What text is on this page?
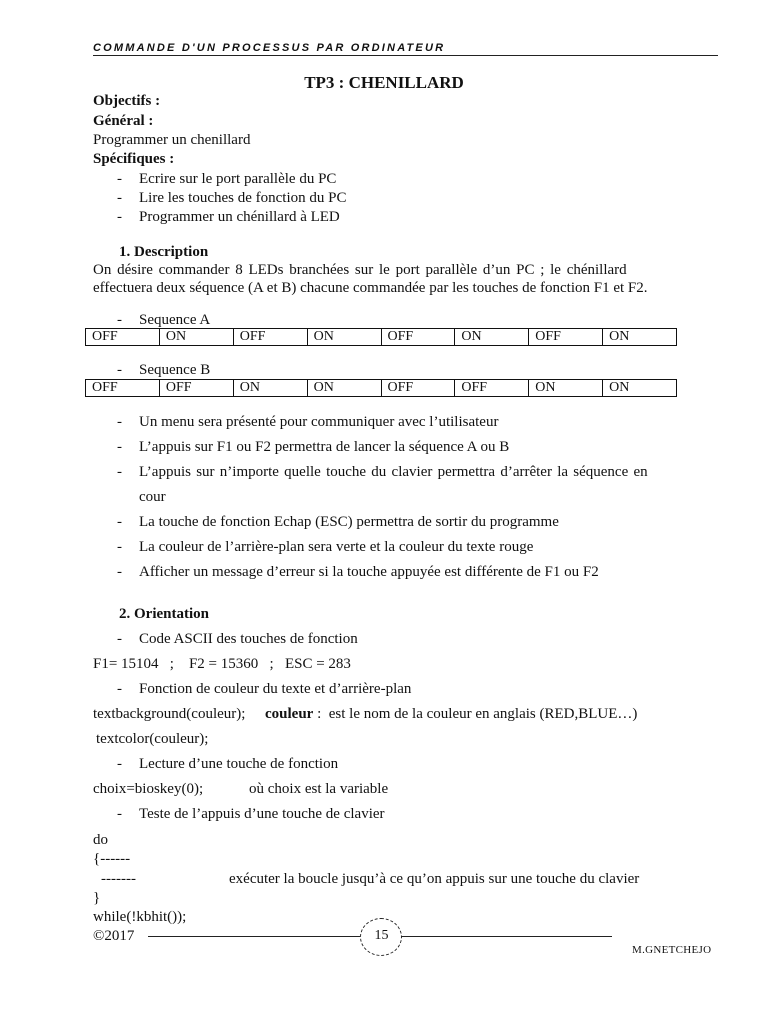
COMMANDE D'UN PROCESSUS PAR ORDINATEUR
TP3 : CHENILLARD
Objectifs :
Général :
Programmer un chenillard
Spécifiques :
- Ecrire sur le port parallèle du PC
- Lire les touches de fonction du PC
- Programmer un chénillard à LED
1. Description
On désire commander 8 LEDs branchées sur le port parallèle d’un PC ; le chénillard
effectuera deux séquence (A et B) chacune commandée par les touches de fonction F1 et F2.
- Sequence A
OFF	ON	OFF	ON	OFF	ON	OFF	ON
- Sequence B
OFF	OFF	ON	ON	OFF	OFF	ON	ON
- Un menu sera présenté pour communiquer avec l’utilisateur
- L’appuis sur F1 ou F2 permettra de lancer la séquence A ou B
- L’appuis sur n’importe quelle touche du clavier permettra d’arrêter la séquence en
cour
- La touche de fonction Echap (ESC) permettra de sortir du programme
- La couleur de l’arrière-plan sera verte et la couleur du texte rouge
- Afficher un message d’erreur si la touche appuyée est différente de F1 ou F2
2. Orientation
- Code ASCII des touches de fonction
F1= 15104   ;    F2 = 15360   ;   ESC = 283
- Fonction de couleur du texte et d’arrière-plan
textbackground(couleur); couleur :  est le nom de la couleur en anglais (RED,BLUE…)
textcolor(couleur);
- Lecture d’une touche de fonction
choix=bioskey(0);	où choix est la variable
- Teste de l’appuis d’une touche de clavier
do
{------
-------	exécuter la boucle jusqu’à ce qu’on appuis sur une touche du clavier
}
while(!kbhit());
©2017	15
M.GNETCHEJO
